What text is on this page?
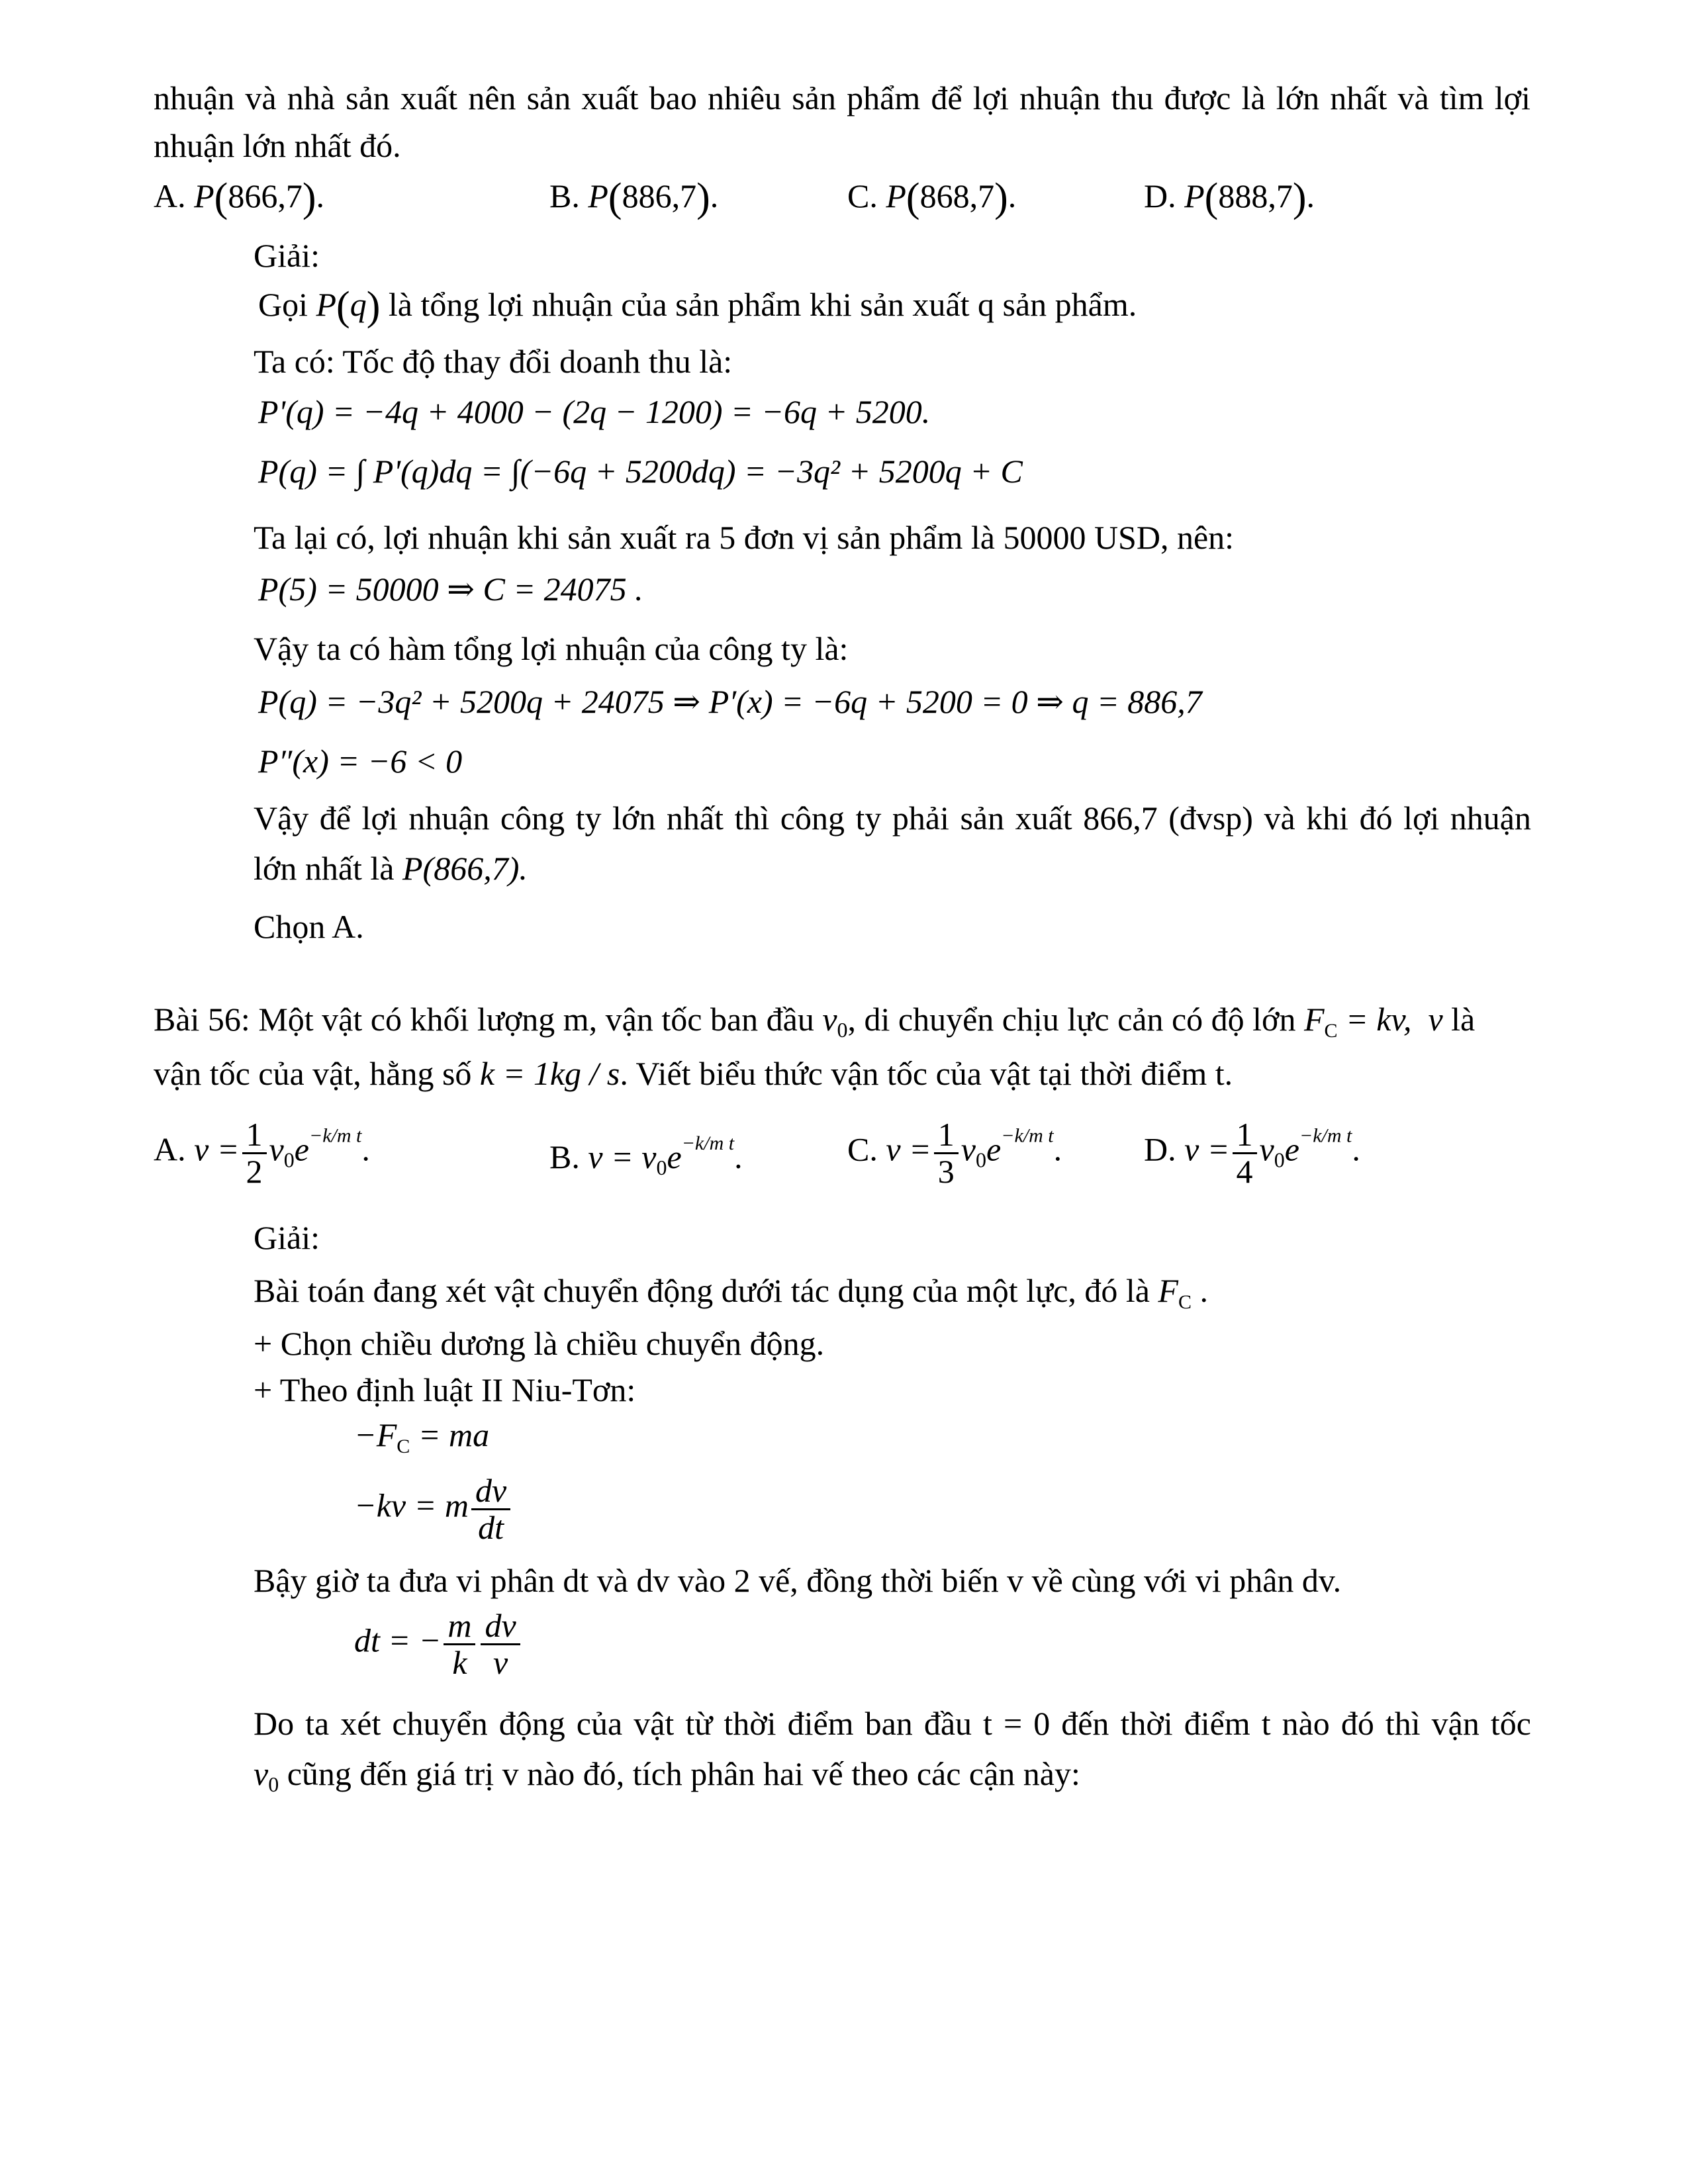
nhuận và nhà sản xuất nên sản xuất bao nhiêu sản phẩm để lợi nhuận thu được là lớn nhất và tìm lợi
nhuận lớn nhất đó.
A. P(866,7).	B. P(886,7).	C. P(868,7).	D. P(888,7).
Giải:
Gọi P(q) là tổng lợi nhuận của sản phẩm khi sản xuất q sản phẩm.
Ta có: Tốc độ thay đổi doanh thu là:
P'(q) = −4q + 4000 − (2q − 1200) = −6q + 5200.
P(q) = ∫ P'(q)dq = ∫(−6q + 5200dq) = −3q² + 5200q + C
Ta lại có, lợi nhuận khi sản xuất ra 5 đơn vị sản phẩm là 50000 USD, nên:
P(5) = 50000 ⇒ C = 24075 .
Vậy ta có hàm tổng lợi nhuận của công ty là:
P(q) = −3q² + 5200q + 24075 ⇒ P′(x) = −6q + 5200 = 0 ⇒ q = 886,7
P″(x) = −6 < 0
Vậy để lợi nhuận công ty lớn nhất thì công ty phải sản xuất 866,7 (đvsp) và khi đó lợi nhuận
lớn nhất là P(866,7).
Chọn A.
Bài 56: Một vật có khối lượng m, vận tốc ban đầu $v_0$, di chuyển chịu lực cản có độ lớn $F_C$ = kv,  v là
vận tốc của vật, hằng số k = 1kg / s. Viết biểu thức vận tốc của vật tại thời điểm t.
A. $v = \frac{1}{2} v_0e^{-k/m t}$.	B. $v = v_0e^{-k/m t}$.	C. $v = \frac{1}{3} v_0e^{-k/m t}$. D. $v = \frac{1}{4} v_0e^{-k/m t}$.
Giải:
Bài toán đang xét vật chuyển động dưới tác dụng của một lực, đó là $F_C$ .
+ Chọn chiều dương là chiều chuyển động.
+ Theo định luật II Niu-Tơn:
$-F_C$ = ma
−kv = m $\frac{dv}{dt}$
Bậy giờ ta đưa vi phân dt và dv vào 2 vế, đồng thời biến v về cùng với vi phân dv.
dt = − $\frac{m}{k} \frac{dv}{v}$
Do ta xét chuyển động của vật từ thời điểm ban đầu t = 0 đến thời điểm t nào đó thì vận tốc
$v_0$ cũng đến giá trị v nào đó, tích phân hai vế theo các cận này:
